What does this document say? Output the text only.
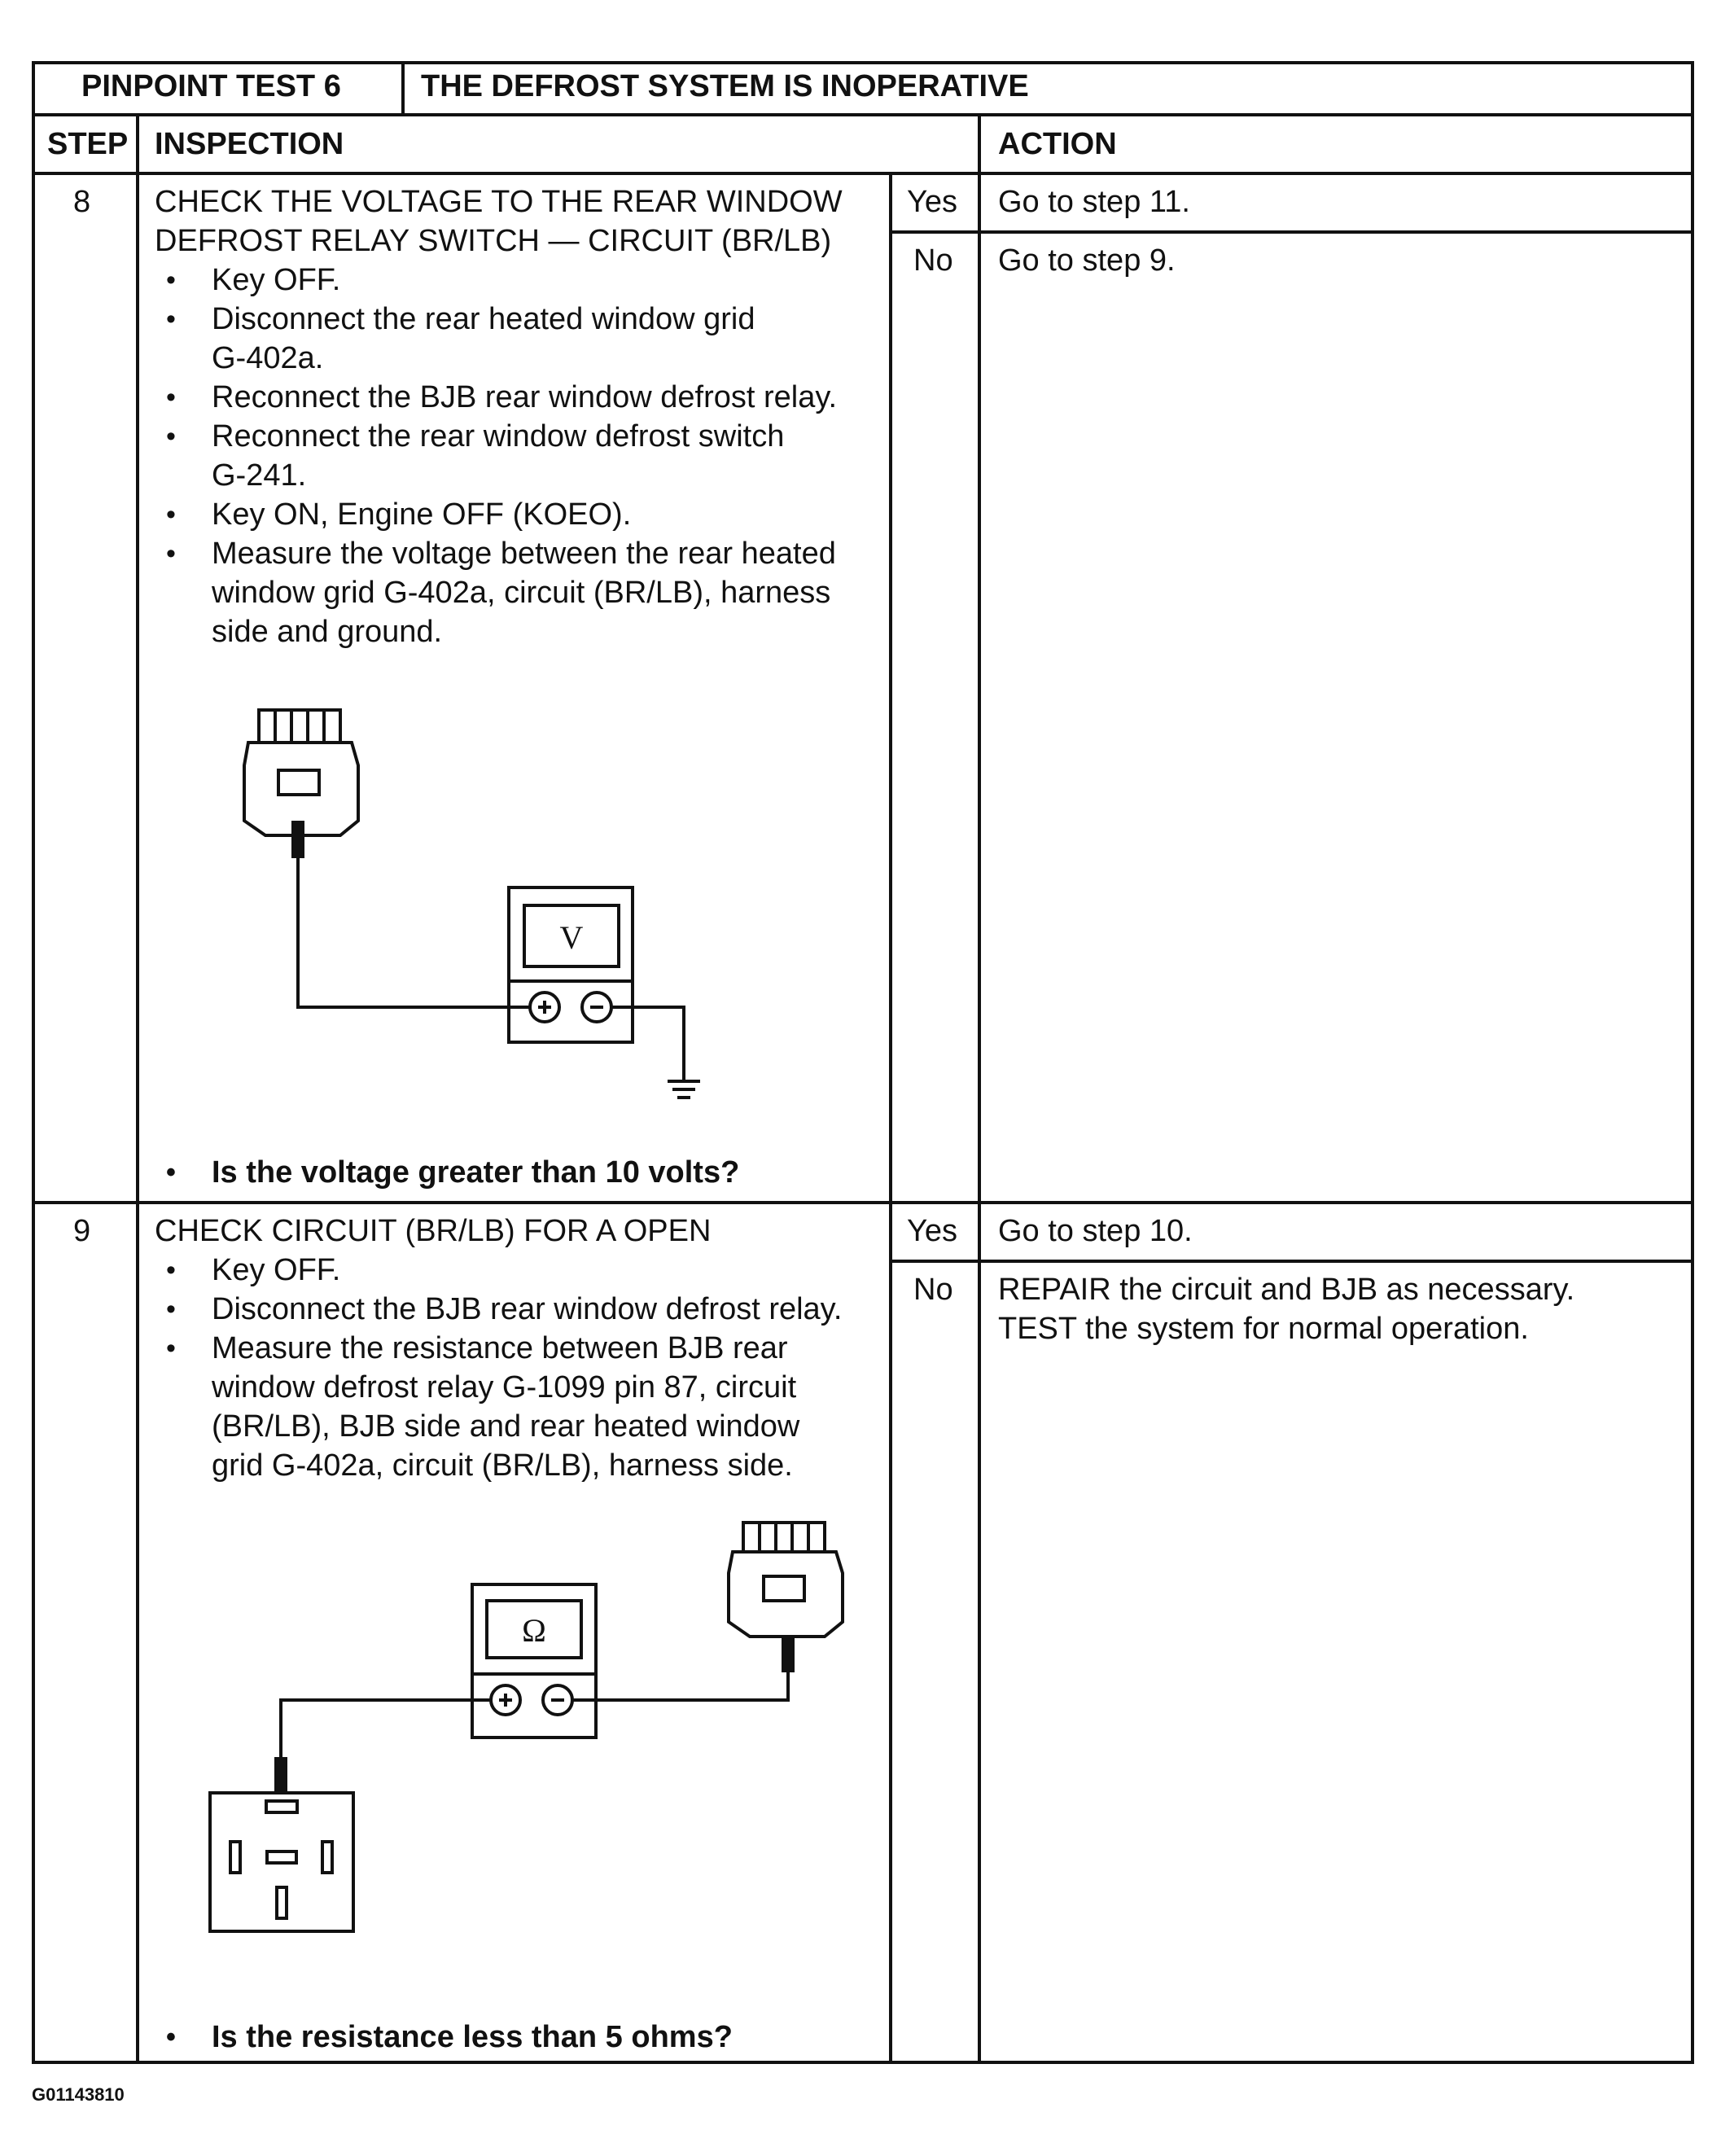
PINPOINT TEST 6	THE DEFROST SYSTEM IS INOPERATIVE
STEP INSPECTION	ACTION
8 CHECK THE VOLTAGE TO THE REAR WINDOW
DEFROST RELAY SWITCH — CIRCUIT (BR/LB)
• Key OFF.
• Disconnect the rear heated window grid
G-402a.
• Reconnect the BJB rear window defrost relay.
• Reconnect the rear window defrost switch
G-241.
• Key ON, Engine OFF (KOEO).
• Measure the voltage between the rear heated
window grid G-402a, circuit (BR/LB), harness
side and ground.
V
• Is the voltage greater than 10 volts?
Yes Go to step 11.
No Go to step 9.
9 CHECK CIRCUIT (BR/LB) FOR A OPEN
• Key OFF.
• Disconnect the BJB rear window defrost relay.
• Measure the resistance between BJB rear
window defrost relay G-1099 pin 87, circuit
(BR/LB), BJB side and rear heated window
grid G-402a, circuit (BR/LB), harness side.
Ω
• Is the resistance less than 5 ohms?
Yes Go to step 10.
No REPAIR the circuit and BJB as necessary.
TEST the system for normal operation.
G01143810
